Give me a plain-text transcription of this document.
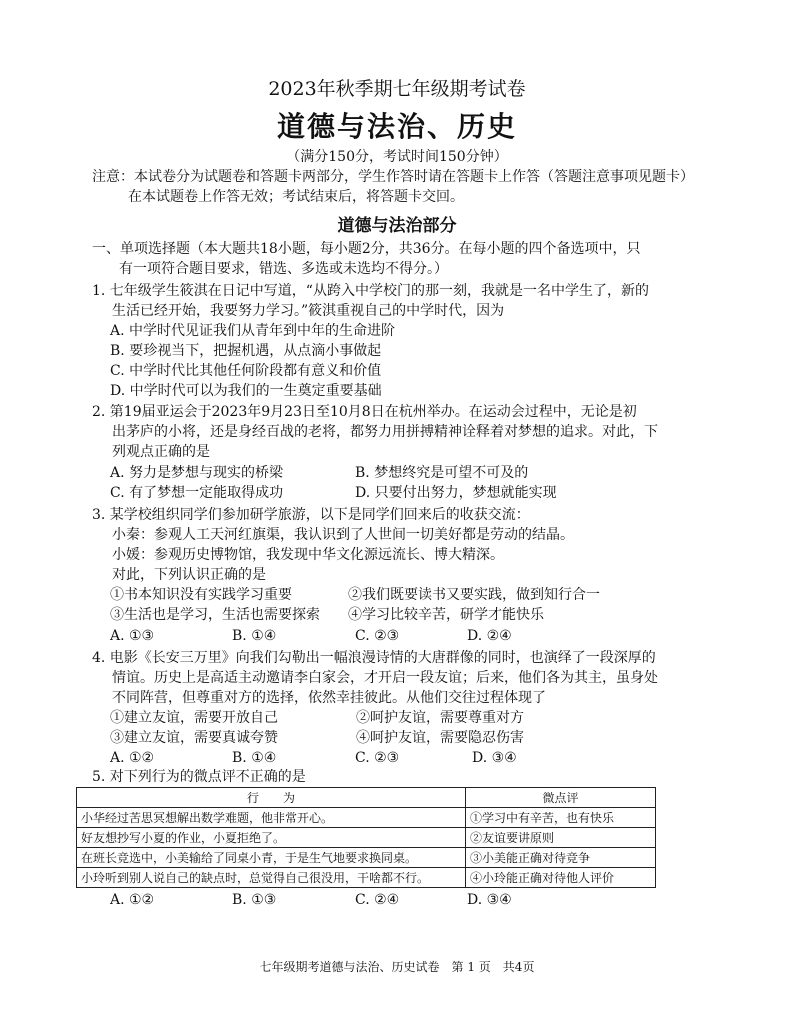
2023年秋季期七年级期考试卷
道德与法治、历史
（满分150分，考试时间150分钟）
注意：本试卷分为试题卷和答题卡两部分，学生作答时请在答题卡上作答（答题注意事项见题卡）
在本试题卷上作答无效；考试结束后，将答题卡交回。
道德与法治部分
一、单项选择题（本大题共18小题，每小题2分，共36分。在每小题的四个备选项中，只
有一项符合题目要求，错选、多选或未选均不得分。）
1. 七年级学生筱淇在日记中写道，“从跨入中学校门的那一刻，我就是一名中学生了，新的
生活已经开始，我要努力学习。”筱淇重视自己的中学时代，因为
A. 中学时代见证我们从青年到中年的生命进阶
B. 要珍视当下，把握机遇，从点滴小事做起
C. 中学时代比其他任何阶段都有意义和价值
D. 中学时代可以为我们的一生奠定重要基础
2. 第19届亚运会于2023年9月23日至10月8日在杭州举办。在运动会过程中，无论是初
出茅庐的小将，还是身经百战的老将，都努力用拼搏精神诠释着对梦想的追求。对此，下
列观点正确的是
A. 努力是梦想与现实的桥梁	B. 梦想终究是可望不可及的
C. 有了梦想一定能取得成功	D. 只要付出努力，梦想就能实现
3. 某学校组织同学们参加研学旅游，以下是同学们回来后的收获交流：
小秦：参观人工天河红旗渠，我认识到了人世间一切美好都是劳动的结晶。
小媛：参观历史博物馆，我发现中华文化源远流长、博大精深。
对此，下列认识正确的是
①书本知识没有实践学习重要	②我们既要读书又要实践，做到知行合一
③生活也是学习，生活也需要探索 ④学习比较辛苦，研学才能快乐
A. ①③	B. ①④	C. ②③	D. ②④
4. 电影《长安三万里》向我们勾勒出一幅浪漫诗情的大唐群像的同时，也演绎了一段深厚的
情谊。历史上是高适主动邀请李白家会，才开启一段友谊；后来，他们各为其主，虽身处
不同阵营，但尊重对方的选择，依然幸挂彼此。从他们交往过程体现了
①建立友谊，需要开放自己	②呵护友谊，需要尊重对方
③建立友谊，需要真诚夸赞	④呵护友谊，需要隐忍伤害
A. ①②	B. ①④	C. ②③	D. ③④
5. 对下列行为的微点评不正确的是
行　　为	微点评
小华经过苦思冥想解出数学难题，他非常开心。	①学习中有辛苦，也有快乐
好友想抄写小夏的作业，小夏拒绝了。	②友谊要讲原则
在班长竞选中，小美输给了同桌小青，于是生气地要求换同桌。	③小美能正确对待竞争
小玲听到别人说自己的缺点时，总觉得自己很没用，干啥都不行。	④小玲能正确对待他人评价
A. ①②	B. ①③	C. ②④	D. ③④
七年级期考道德与法治、历史试卷　第 1 页　共4页
